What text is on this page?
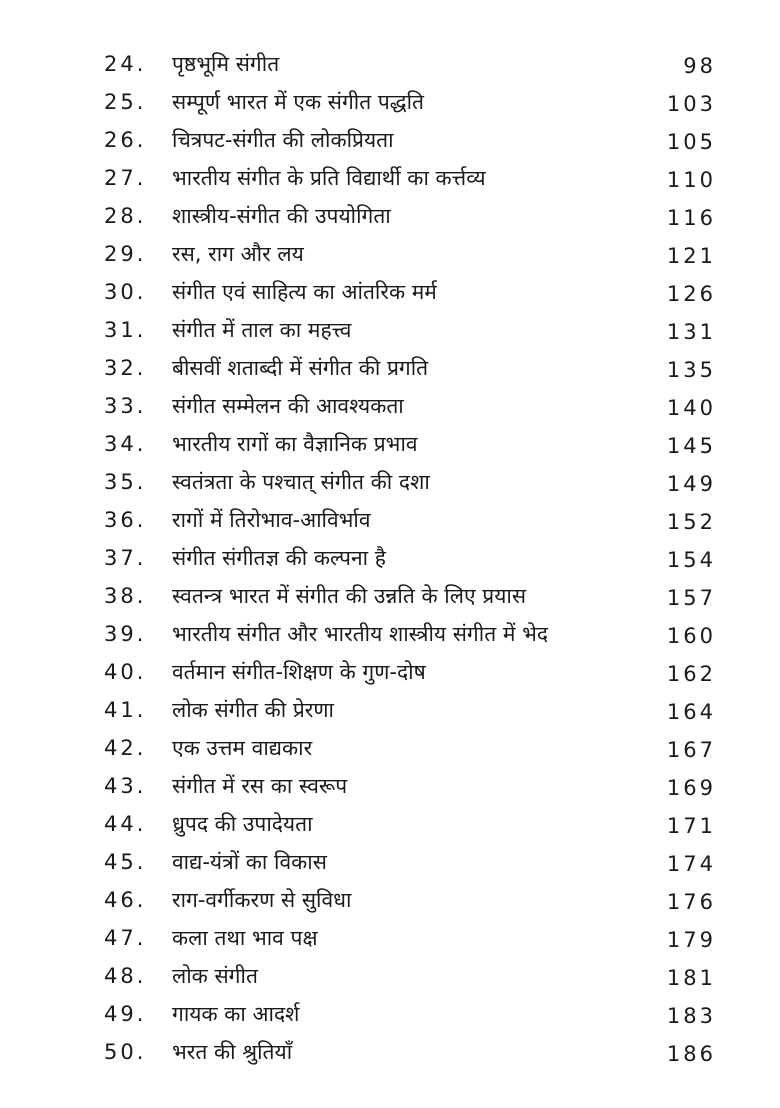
24.	पृष्ठभूमि संगीत	98
25.	सम्पूर्ण भारत में एक संगीत पद्धति	103
26.	चित्रपट-संगीत की लोकप्रियता	105
27.	भारतीय संगीत के प्रति विद्यार्थी का कर्त्तव्य	110
28.	शास्त्रीय-संगीत की उपयोगिता	116
29.	रस, राग और लय	121
30.	संगीत एवं साहित्य का आंतरिक मर्म	126
31.	संगीत में ताल का महत्त्व	131
32.	बीसवीं शताब्दी में संगीत की प्रगति	135
33.	संगीत सम्मेलन की आवश्यकता	140
34.	भारतीय रागों का वैज्ञानिक प्रभाव	145
35.	स्वतंत्रता के पश्चात् संगीत की दशा	149
36.	रागों में तिरोभाव-आविर्भाव	152
37.	संगीत संगीतज्ञ की कल्पना है	154
38.	स्वतन्त्र भारत में संगीत की उन्नति के लिए प्रयास	157
39.	भारतीय संगीत और भारतीय शास्त्रीय संगीत में भेद	160
40.	वर्तमान संगीत-शिक्षण के गुण-दोष	162
41.	लोक संगीत की प्रेरणा	164
42.	एक उत्तम वाद्यकार	167
43.	संगीत में रस का स्वरूप	169
44.	ध्रुपद की उपादेयता	171
45.	वाद्य-यंत्रों का विकास	174
46.	राग-वर्गीकरण से सुविधा	176
47.	कला तथा भाव पक्ष	179
48.	लोक संगीत	181
49.	गायक का आदर्श	183
50.	भरत की श्रुतियाँ	186
